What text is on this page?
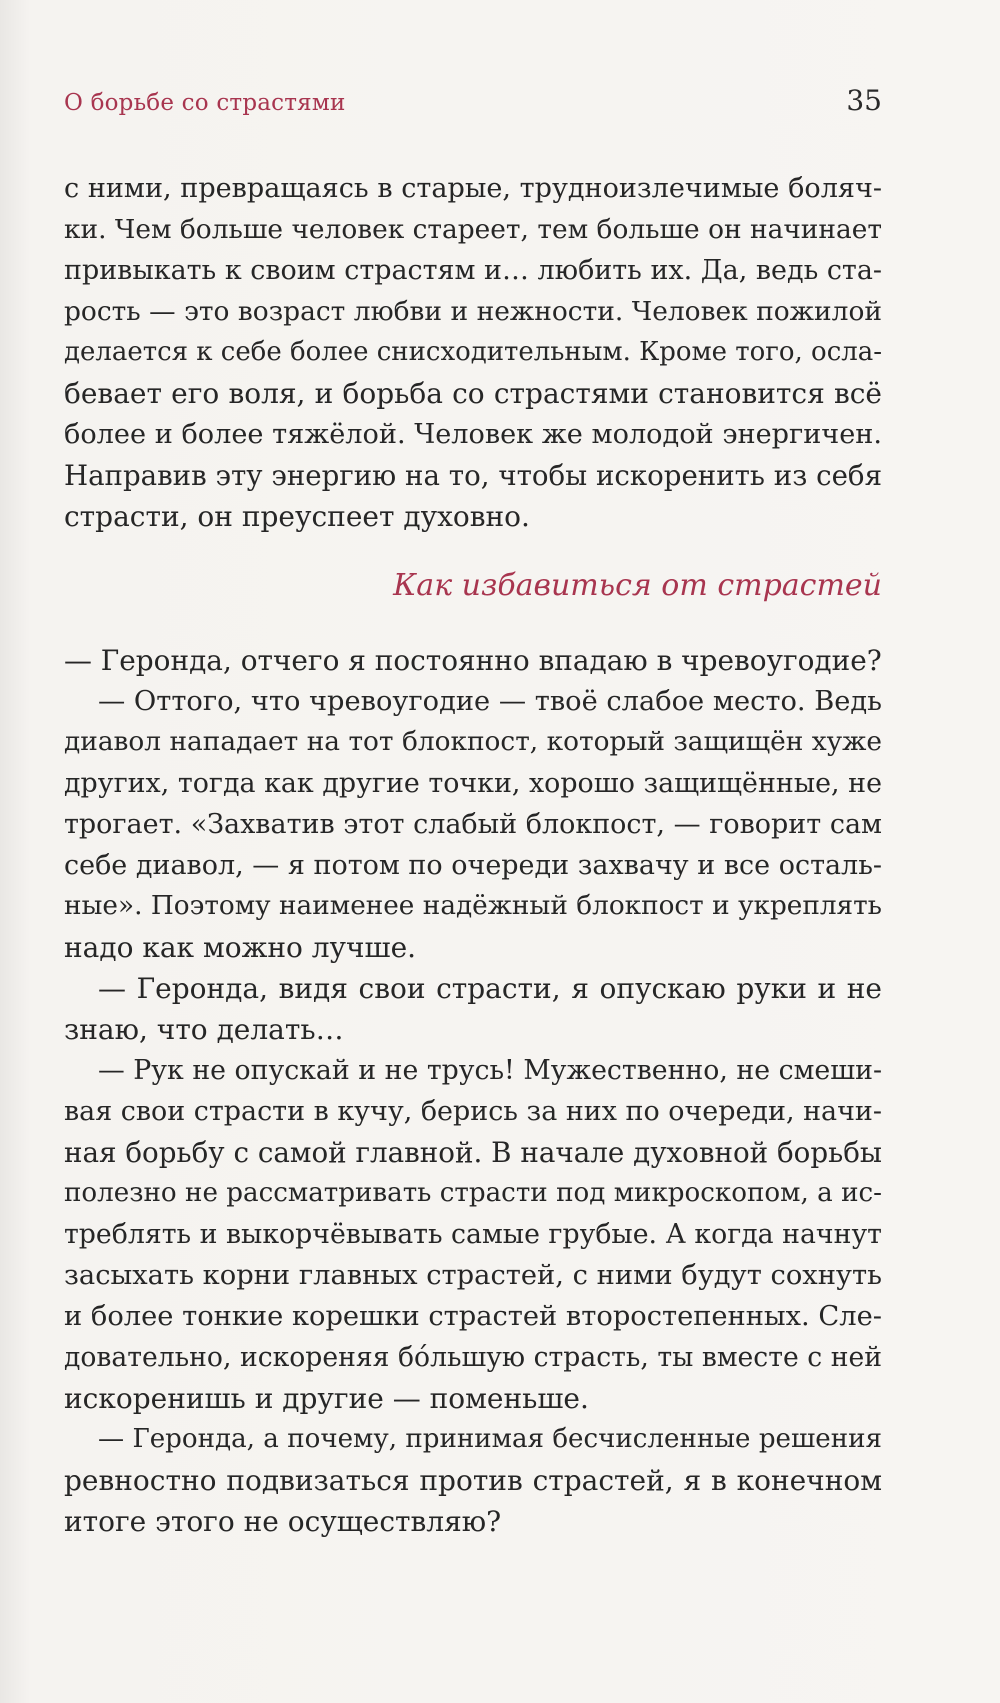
О борьбе со страстями	35
с ними, превращаясь в старые, трудноизлечимые боляч-
ки. Чем больше человек стареет, тем больше он начинает
привыкать к своим страстям и… любить их. Да, ведь ста-
рость — это возраст любви и нежности. Человек пожилой
делается к себе более снисходительным. Кроме того, осла-
бевает его воля, и борьба со страстями становится всё
более и более тяжёлой. Человек же молодой энергичен.
Направив эту энергию на то, чтобы искоренить из себя
страсти, он преуспеет духовно.
Как избавиться от страстей
— Геронда, отчего я постоянно впадаю в чревоугодие?
— Оттого, что чревоугодие — твоё слабое место. Ведь
диавол нападает на тот блокпост, который защищён хуже
других, тогда как другие точки, хорошо защищённые, не
трогает. «Захватив этот слабый блокпост, — говорит сам
себе диавол, — я потом по очереди захвачу и все осталь-
ные». Поэтому наименее надёжный блокпост и укреплять
надо как можно лучше.
— Геронда, видя свои страсти, я опускаю руки и не
знаю, что делать…
— Рук не опускай и не трусь! Мужественно, не смеши-
вая свои страсти в кучу, берись за них по очереди, начи-
ная борьбу с самой главной. В начале духовной борьбы
полезно не рассматривать страсти под микроскопом, а ис-
треблять и выкорчёвывать самые грубые. А когда начнут
засыхать корни главных страстей, с ними будут сохнуть
и более тонкие корешки страстей второстепенных. Сле-
довательно, искореняя бо́льшую страсть, ты вместе с ней
искоренишь и другие — поменьше.
— Геронда, а почему, принимая бесчисленные решения
ревностно подвизаться против страстей, я в конечном
итоге этого не осуществляю?
